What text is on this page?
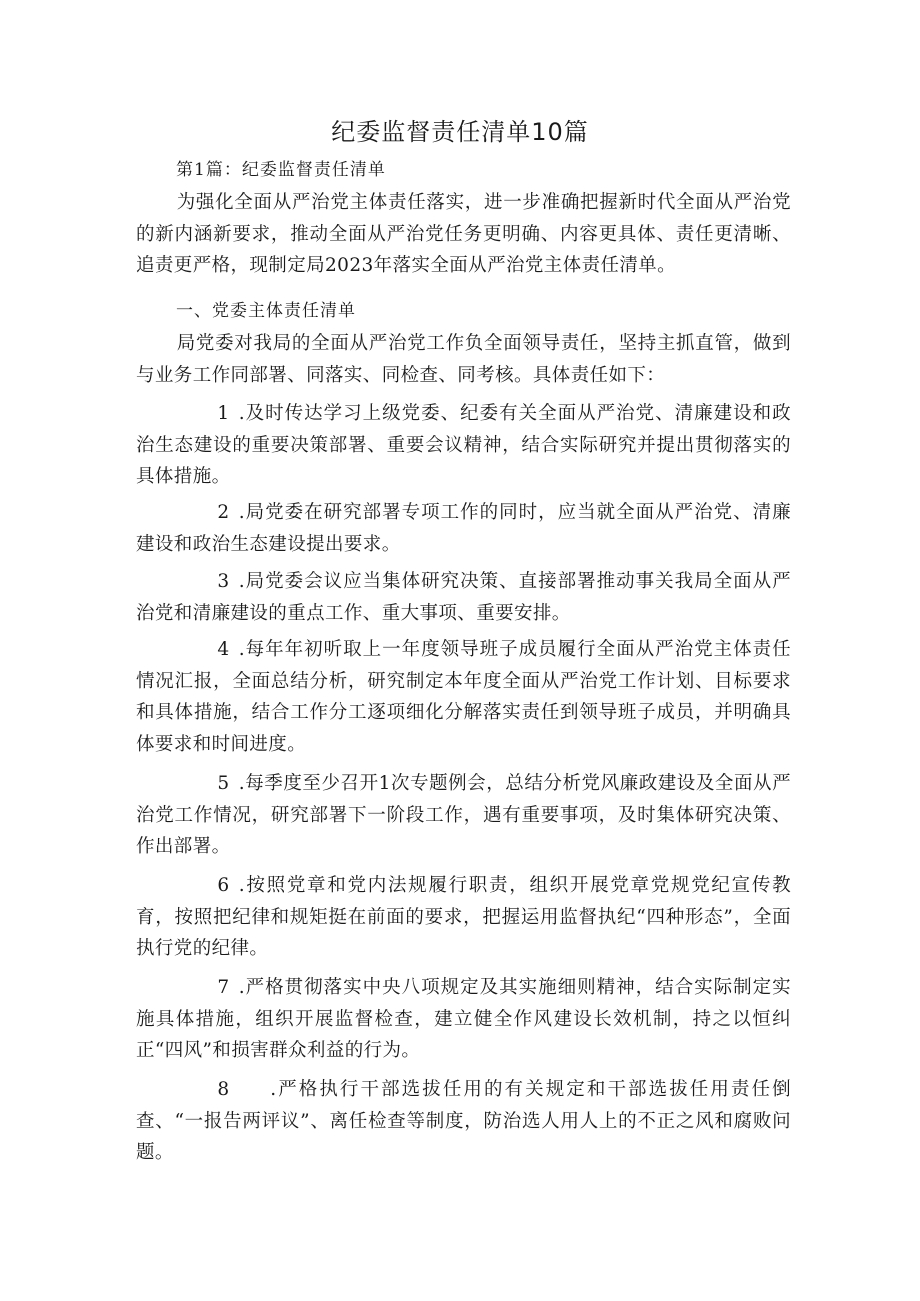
纪委监督责任清单10篇
第1篇：纪委监督责任清单

为强化全面从严治党主体责任落实，进一步准确把握新时代全面从严治党的新内涵新要求，推动全面从严治党任务更明确、内容更具体、责任更清晰、追责更严格，现制定局2023年落实全面从严治党主体责任清单。

一、党委主体责任清单

局党委对我局的全面从严治党工作负全面领导责任，坚持主抓直管，做到与业务工作同部署、同落实、同检查、同考核。具体责任如下：

1 .及时传达学习上级党委、纪委有关全面从严治党、清廉建设和政治生态建设的重要决策部署、重要会议精神，结合实际研究并提出贯彻落实的具体措施。

2 .局党委在研究部署专项工作的同时，应当就全面从严治党、清廉建设和政治生态建设提出要求。

3 .局党委会议应当集体研究决策、直接部署推动事关我局全面从严治党和清廉建设的重点工作、重大事项、重要安排。

4 .每年年初听取上一年度领导班子成员履行全面从严治党主体责任情况汇报，全面总结分析，研究制定本年度全面从严治党工作计划、目标要求和具体措施，结合工作分工逐项细化分解落实责任到领导班子成员，并明确具体要求和时间进度。

5 .每季度至少召开1次专题例会，总结分析党风廉政建设及全面从严治党工作情况，研究部署下一阶段工作，遇有重要事项，及时集体研究决策、作出部署。

6 .按照党章和党内法规履行职责，组织开展党章党规党纪宣传教育，按照把纪律和规矩挺在前面的要求，把握运用监督执纪“四种形态”，全面执行党的纪律。

7 .严格贯彻落实中央八项规定及其实施细则精神，结合实际制定实施具体措施，组织开展监督检查，建立健全作风建设长效机制，持之以恒纠正“四风”和损害群众利益的行为。

8 .严格执行干部选拔任用的有关规定和干部选拔任用责任倒查、“一报告两评议”、离任检查等制度，防治选人用人上的不正之风和腐败问题。
